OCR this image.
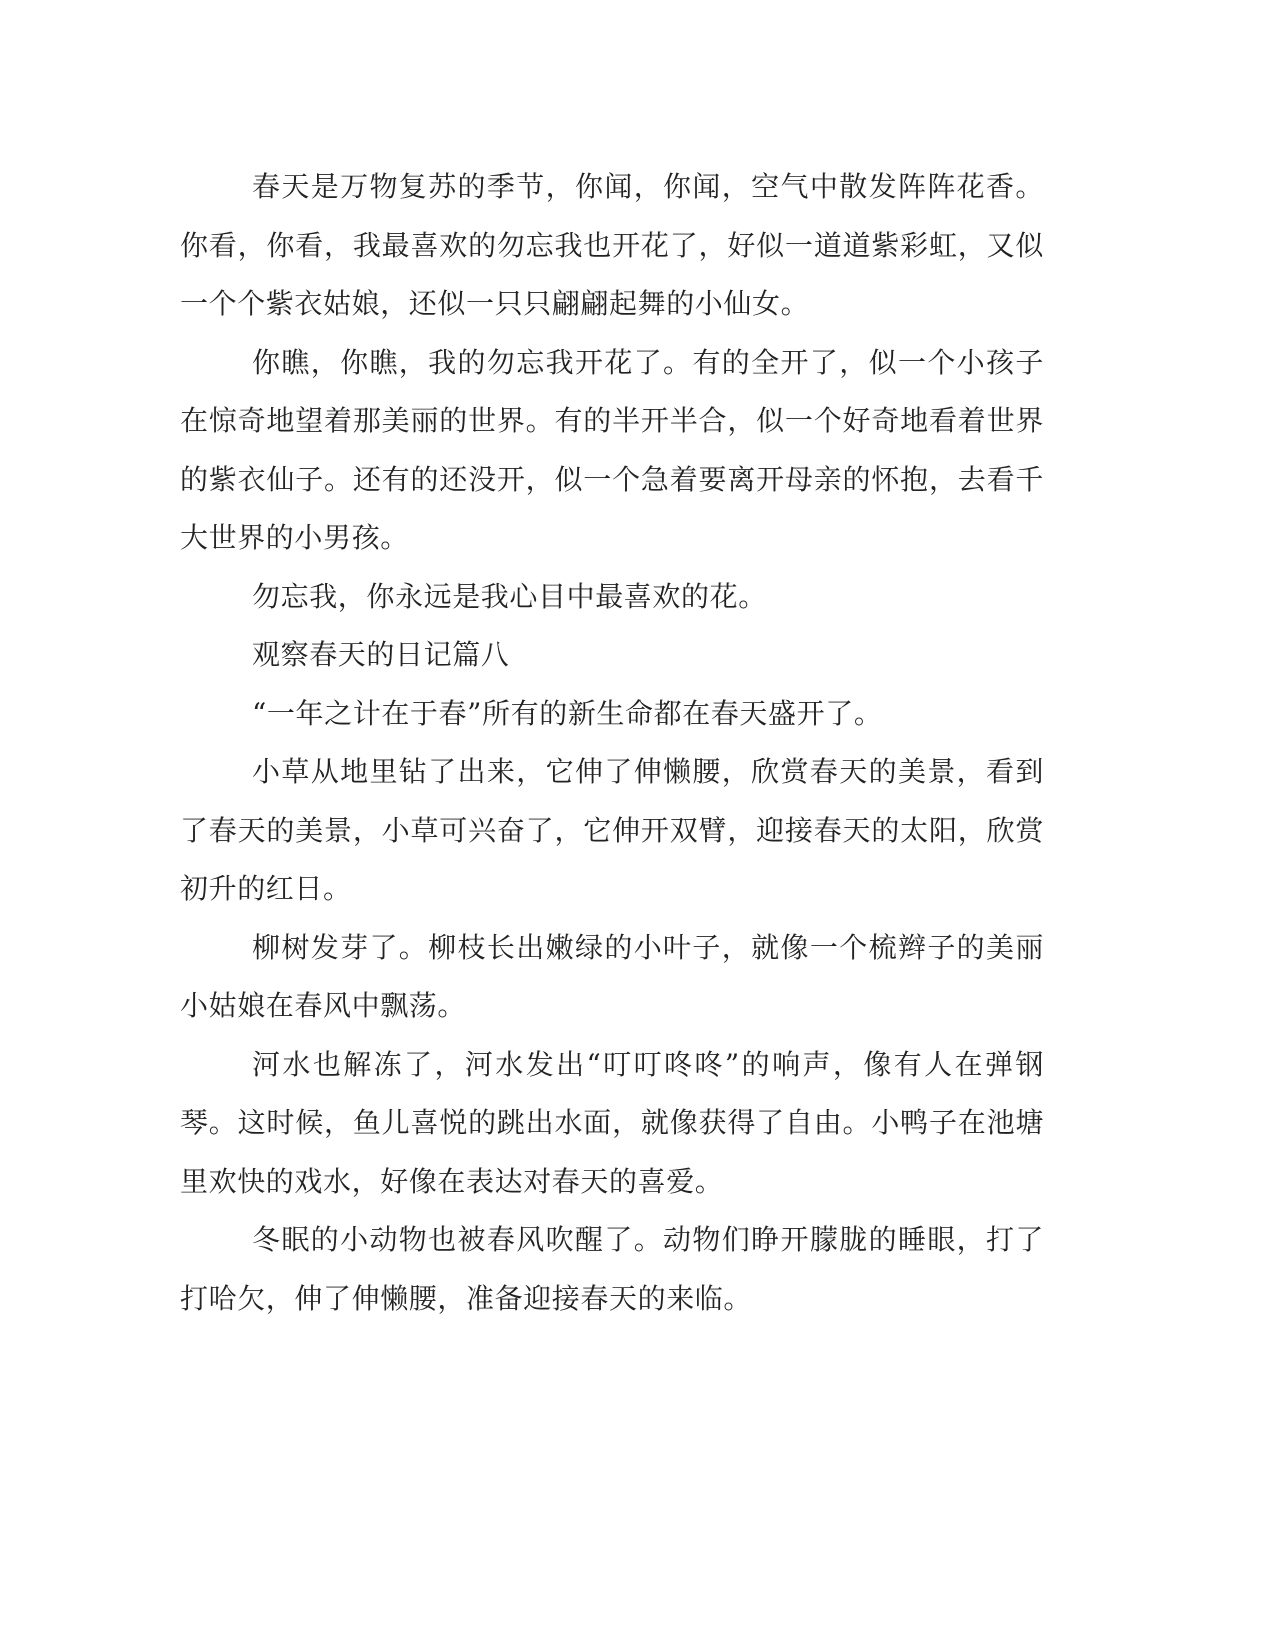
春天是万物复苏的季节，你闻，你闻，空气中散发阵阵花香。你看，你看，我最喜欢的勿忘我也开花了，好似一道道紫彩虹，又似一个个紫衣姑娘，还似一只只翩翩起舞的小仙女。

你瞧，你瞧，我的勿忘我开花了。有的全开了，似一个小孩子在惊奇地望着那美丽的世界。有的半开半合，似一个好奇地看着世界的紫衣仙子。还有的还没开，似一个急着要离开母亲的怀抱，去看千大世界的小男孩。

勿忘我，你永远是我心目中最喜欢的花。

观察春天的日记篇八

“一年之计在于春”所有的新生命都在春天盛开了。

小草从地里钻了出来，它伸了伸懒腰，欣赏春天的美景，看到了春天的美景，小草可兴奋了，它伸开双臂，迎接春天的太阳，欣赏初升的红日。

柳树发芽了。柳枝长出嫩绿的小叶子，就像一个梳辫子的美丽小姑娘在春风中飘荡。

河水也解冻了，河水发出“叮叮咚咚”的响声，像有人在弹钢琴。这时候，鱼儿喜悦的跳出水面，就像获得了自由。小鸭子在池塘里欢快的戏水，好像在表达对春天的喜爱。

冬眠的小动物也被春风吹醒了。动物们睁开朦胧的睡眼，打了打哈欠，伸了伸懒腰，准备迎接春天的来临。
